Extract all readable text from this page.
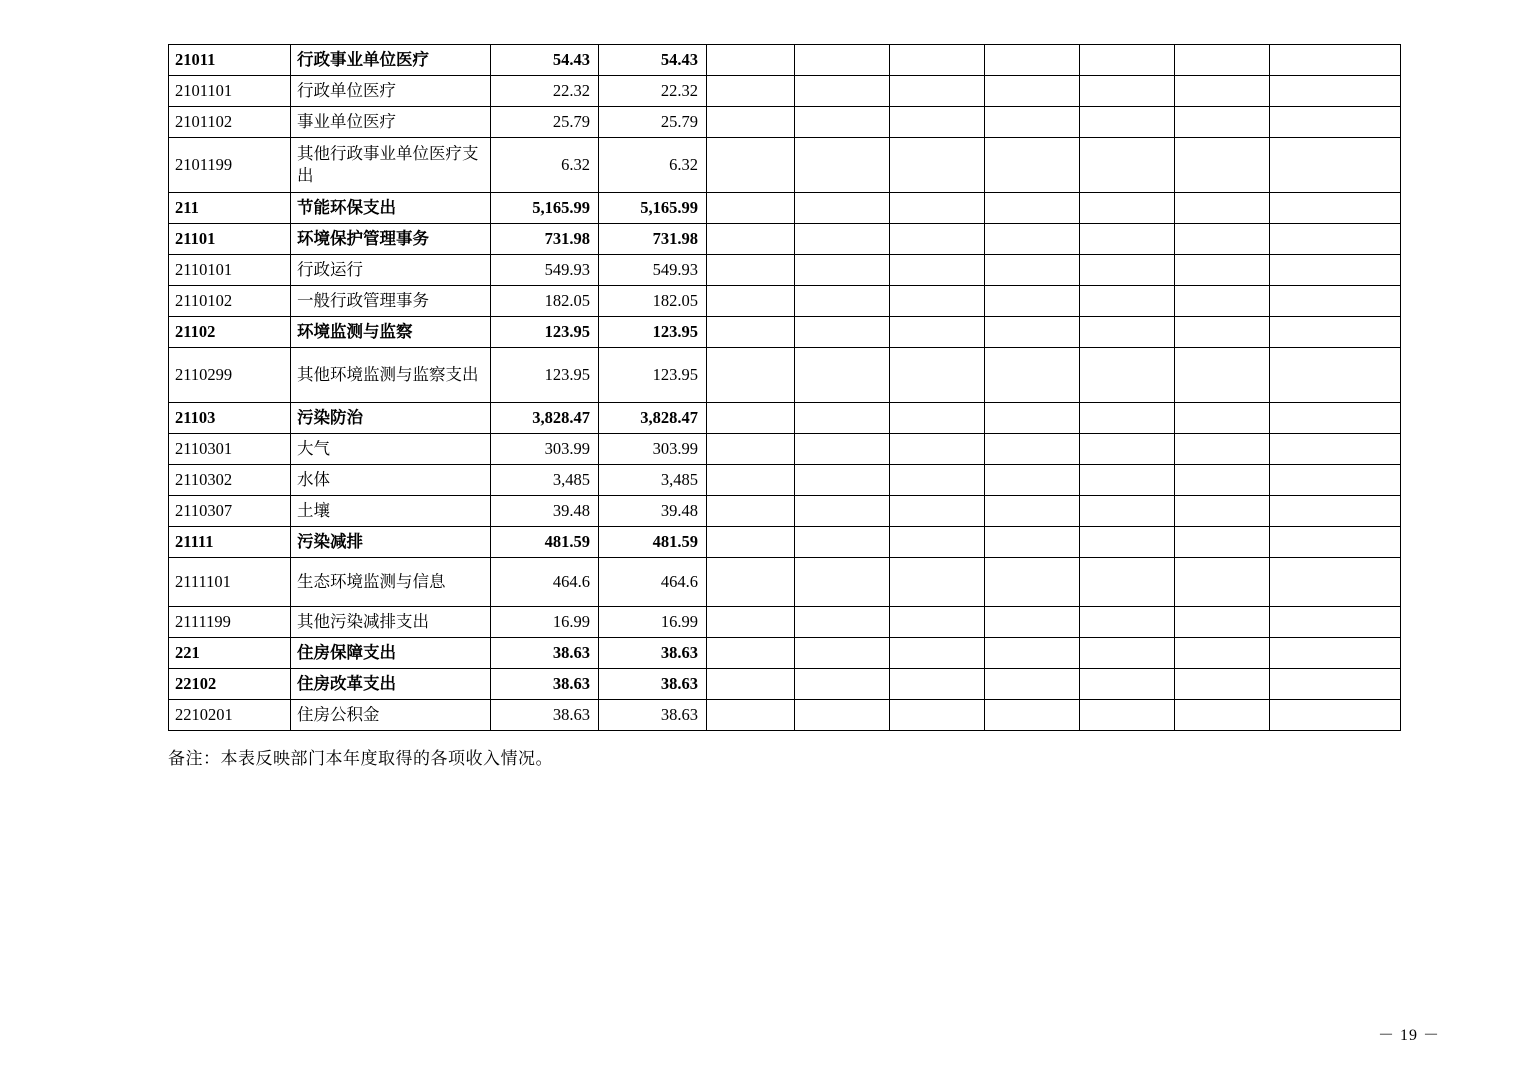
21011	行政事业单位医疗	54.43	54.43							
2101101	行政单位医疗	22.32	22.32							
2101102	事业单位医疗	25.79	25.79							
2101199	其他行政事业单位医疗支出	6.32	6.32							
211	节能环保支出	5,165.99	5,165.99							
21101	环境保护管理事务	731.98	731.98							
2110101	行政运行	549.93	549.93							
2110102	一般行政管理事务	182.05	182.05							
21102	环境监测与监察	123.95	123.95							
2110299	其他环境监测与监察支出	123.95	123.95							
21103	污染防治	3,828.47	3,828.47							
2110301	大气	303.99	303.99							
2110302	水体	3,485	3,485							
2110307	土壤	39.48	39.48							
21111	污染减排	481.59	481.59							
2111101	生态环境监测与信息	464.6	464.6							
2111199	其他污染减排支出	16.99	16.99							
221	住房保障支出	38.63	38.63							
22102	住房改革支出	38.63	38.63							
2210201	住房公积金	38.63	38.63							
备注：本表反映部门本年度取得的各项收入情况。
－ 19 －
